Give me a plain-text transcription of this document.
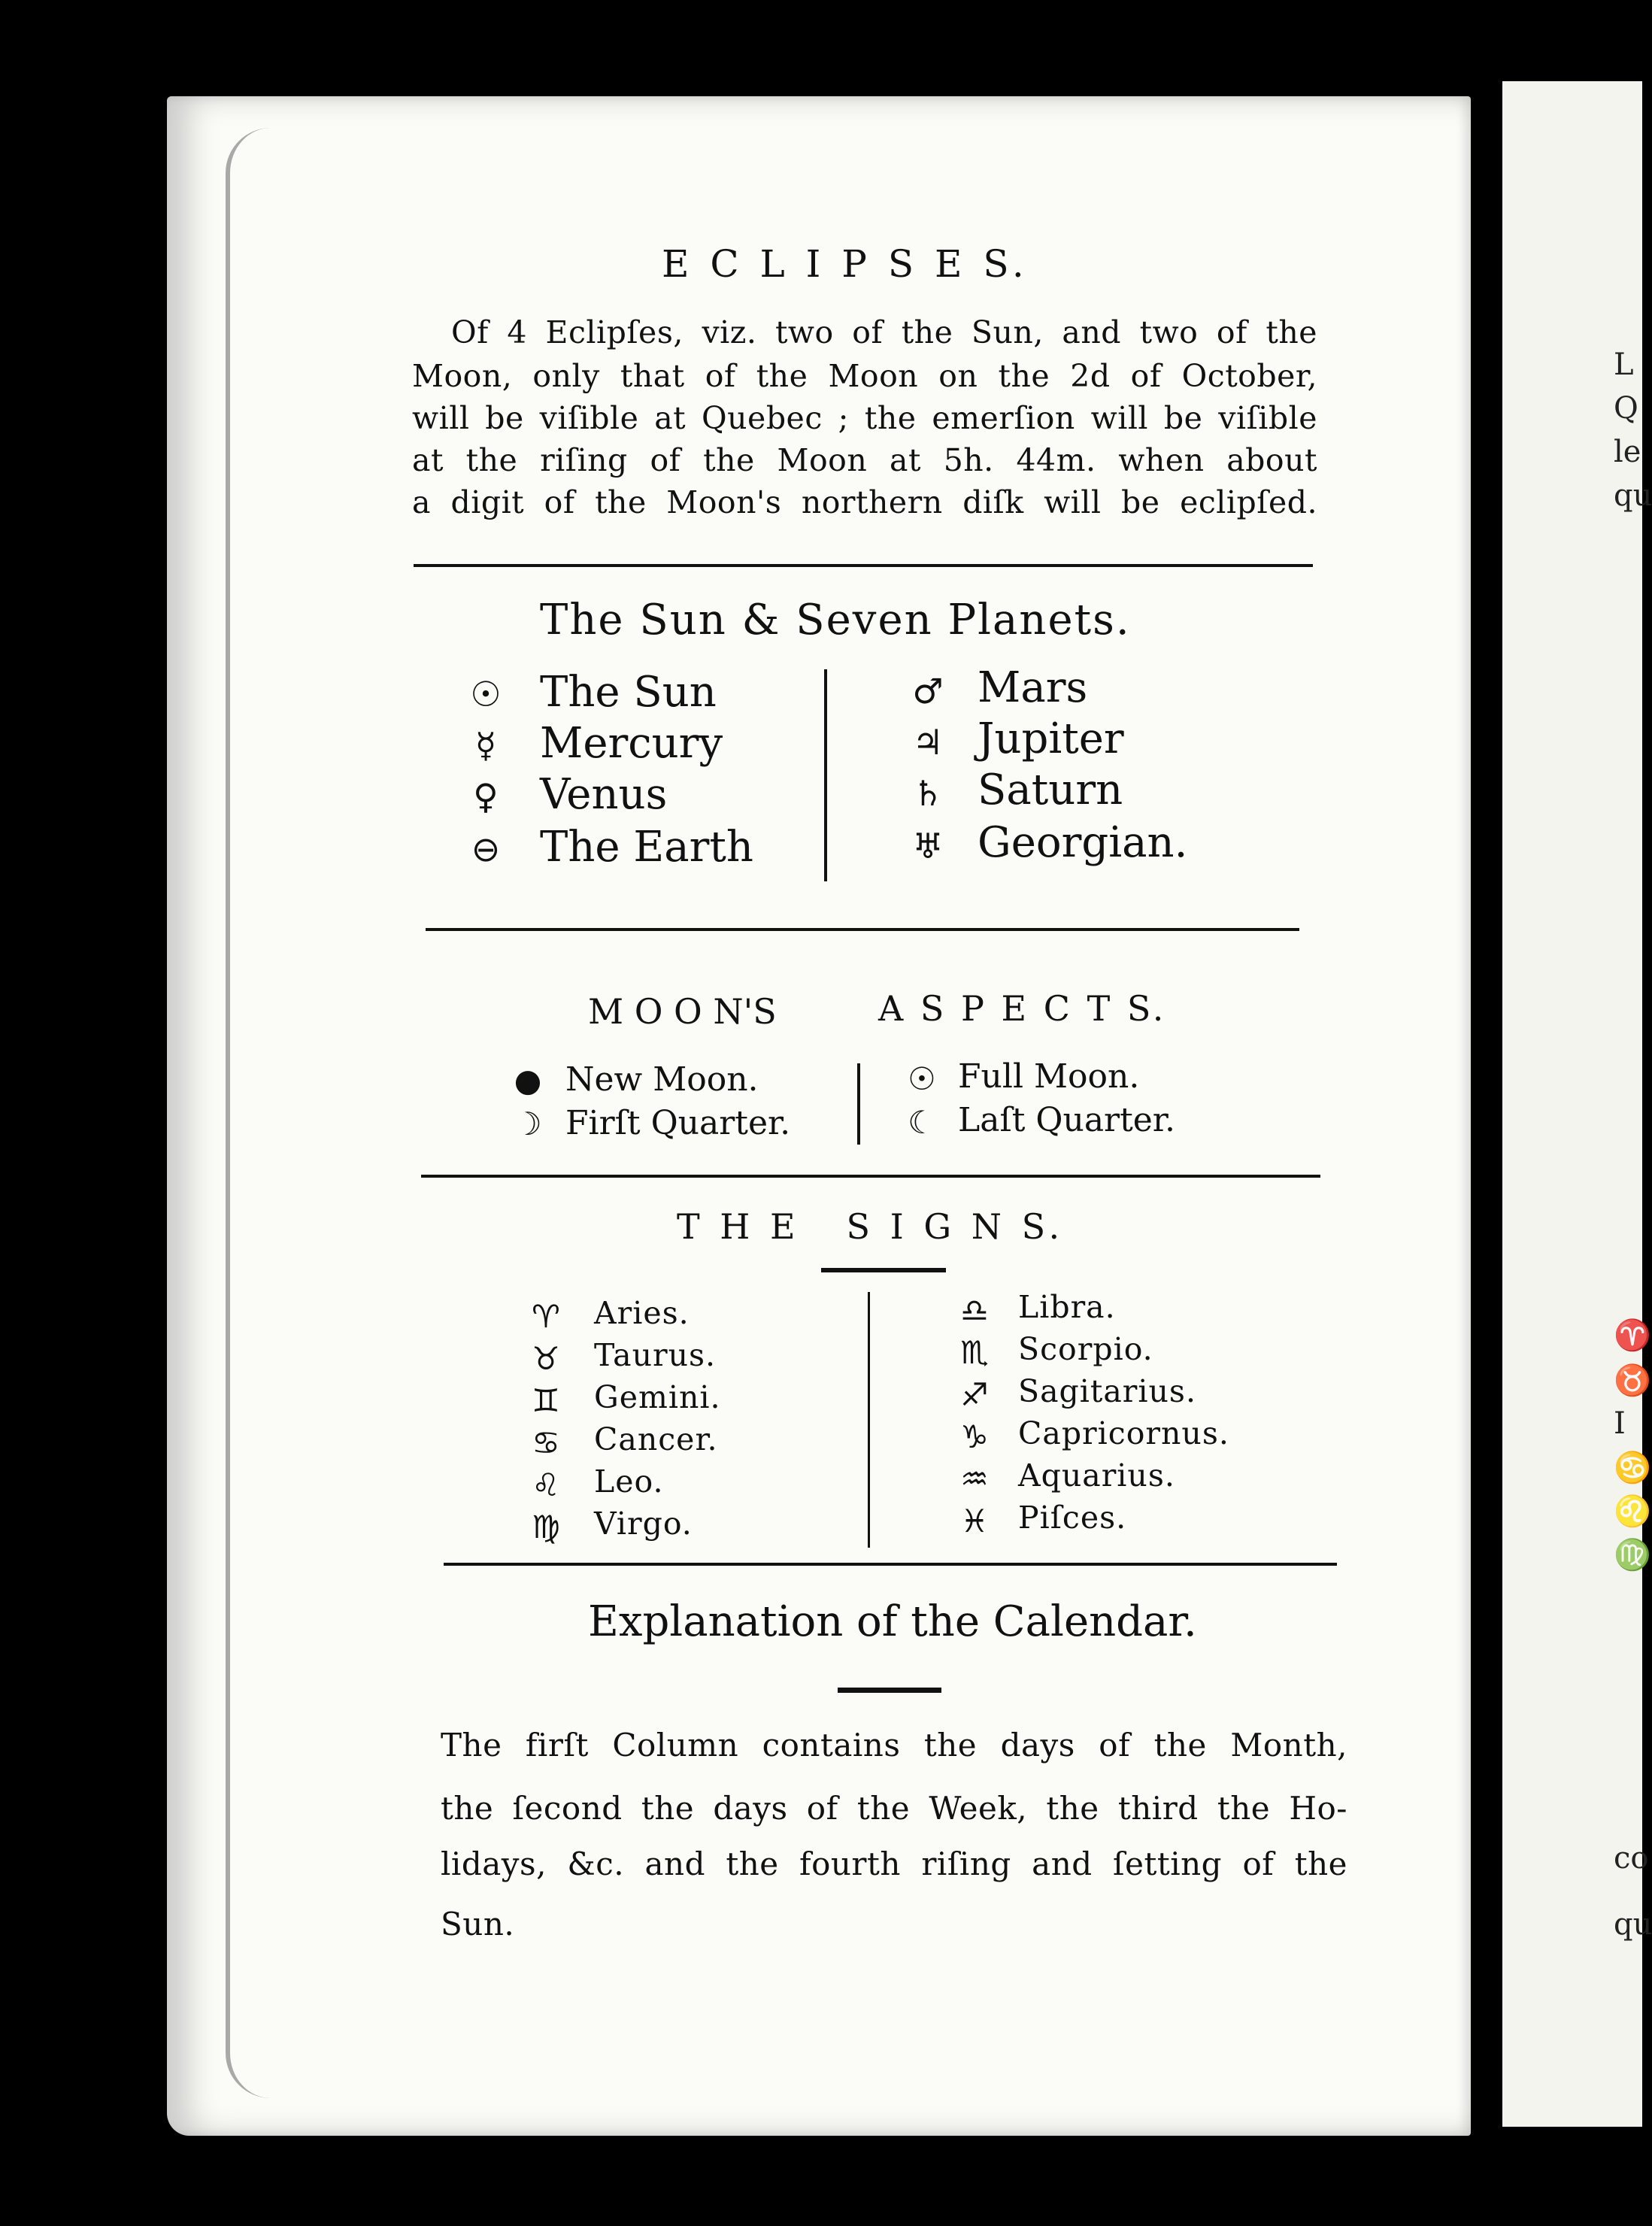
L
Q
le
qu
♈
♉
I
♋
♌
♍
co
qu
E C L I P S E S.
Of 4 Eclipſes, viz. two of the Sun, and two of the
Moon, only that of the Moon on the 2d of October,
will be viſible at Quebec ; the emerſion will be viſible
at the riſing of the Moon at 5h. 44m. when about
a digit of the Moon's northern diſk will be eclipſed.
The Sun & Seven Planets.
☉ The Sun
☿ Mercury
♀ Venus
⊖ The Earth
♂ Mars
♃ Jupiter
♄ Saturn
♅ Georgian.
M O O N'S	A S P E C T S.
● New Moon.
☽ Firſt Quarter.
☉ Full Moon.
☾ Laſt Quarter.
T H E   S I G N S.
♈ Aries.
♉ Taurus.
♊ Gemini.
♋ Cancer.
♌ Leo.
♍ Virgo.
♎ Libra.
♏ Scorpio.
♐ Sagitarius.
♑ Capricornus.
♒ Aquarius.
♓ Piſces.
Explanation of the Calendar.
The firſt Column contains the days of the Month,
the ſecond the days of the Week, the third the Ho-
lidays, &c. and the fourth riſing and ſetting of the
Sun.
